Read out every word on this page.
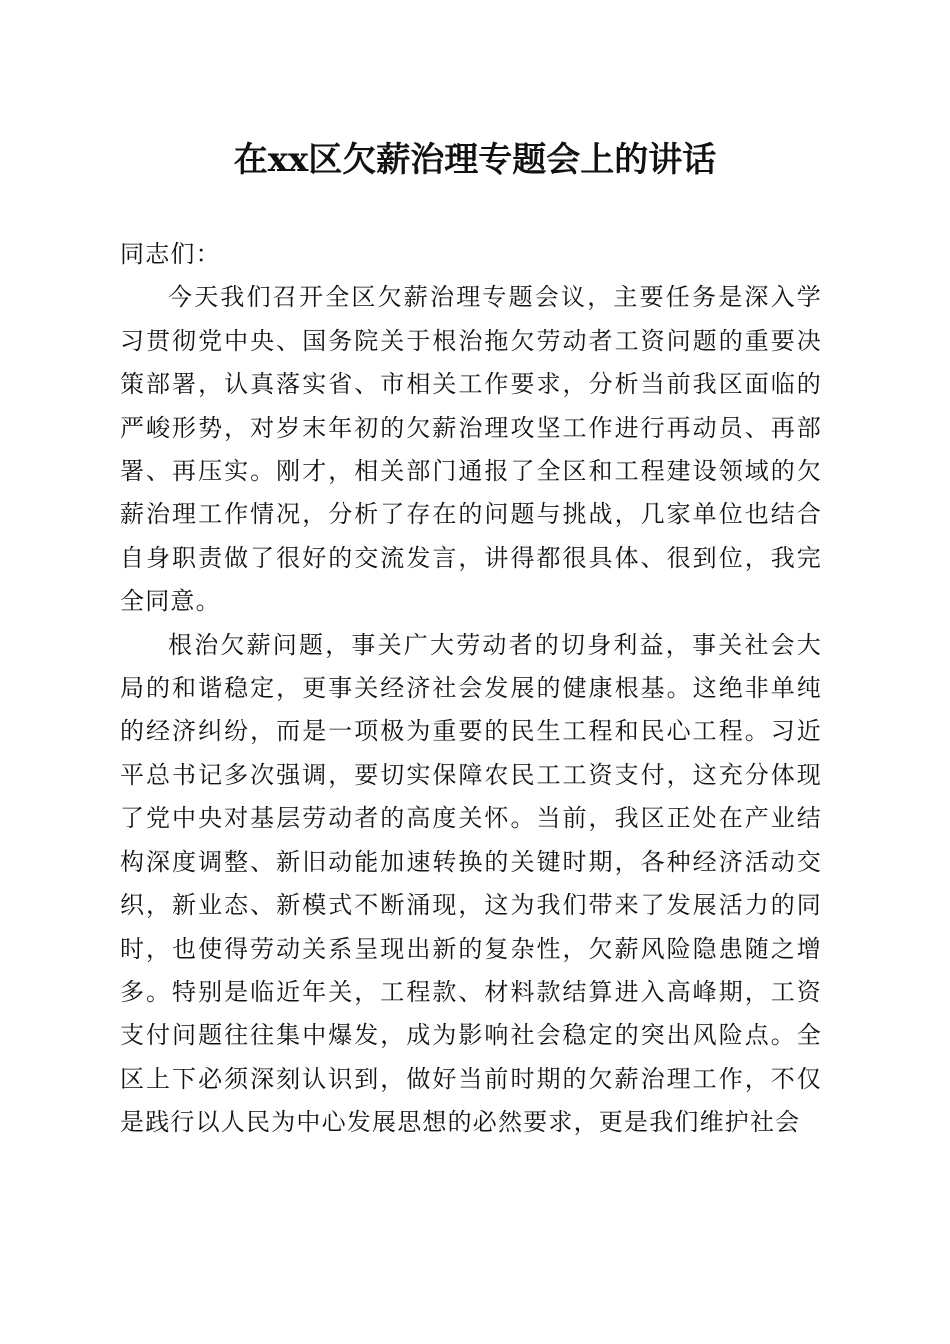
在xx区欠薪治理专题会上的讲话

同志们：

今天我们召开全区欠薪治理专题会议，主要任务是深入学习贯彻党中央、国务院关于根治拖欠劳动者工资问题的重要决策部署，认真落实省、市相关工作要求，分析当前我区面临的严峻形势，对岁末年初的欠薪治理攻坚工作进行再动员、再部署、再压实。刚才，相关部门通报了全区和工程建设领域的欠薪治理工作情况，分析了存在的问题与挑战，几家单位也结合自身职责做了很好的交流发言，讲得都很具体、很到位，我完全同意。

根治欠薪问题，事关广大劳动者的切身利益，事关社会大局的和谐稳定，更事关经济社会发展的健康根基。这绝非单纯的经济纠纷，而是一项极为重要的民生工程和民心工程。习近平总书记多次强调，要切实保障农民工工资支付，这充分体现了党中央对基层劳动者的高度关怀。当前，我区正处在产业结构深度调整、新旧动能加速转换的关键时期，各种经济活动交织，新业态、新模式不断涌现，这为我们带来了发展活力的同时，也使得劳动关系呈现出新的复杂性，欠薪风险隐患随之增多。特别是临近年关，工程款、材料款结算进入高峰期，工资支付问题往往集中爆发，成为影响社会稳定的突出风险点。全区上下必须深刻认识到，做好当前时期的欠薪治理工作，不仅是践行以人民为中心发展思想的必然要求，更是我们维护社会
